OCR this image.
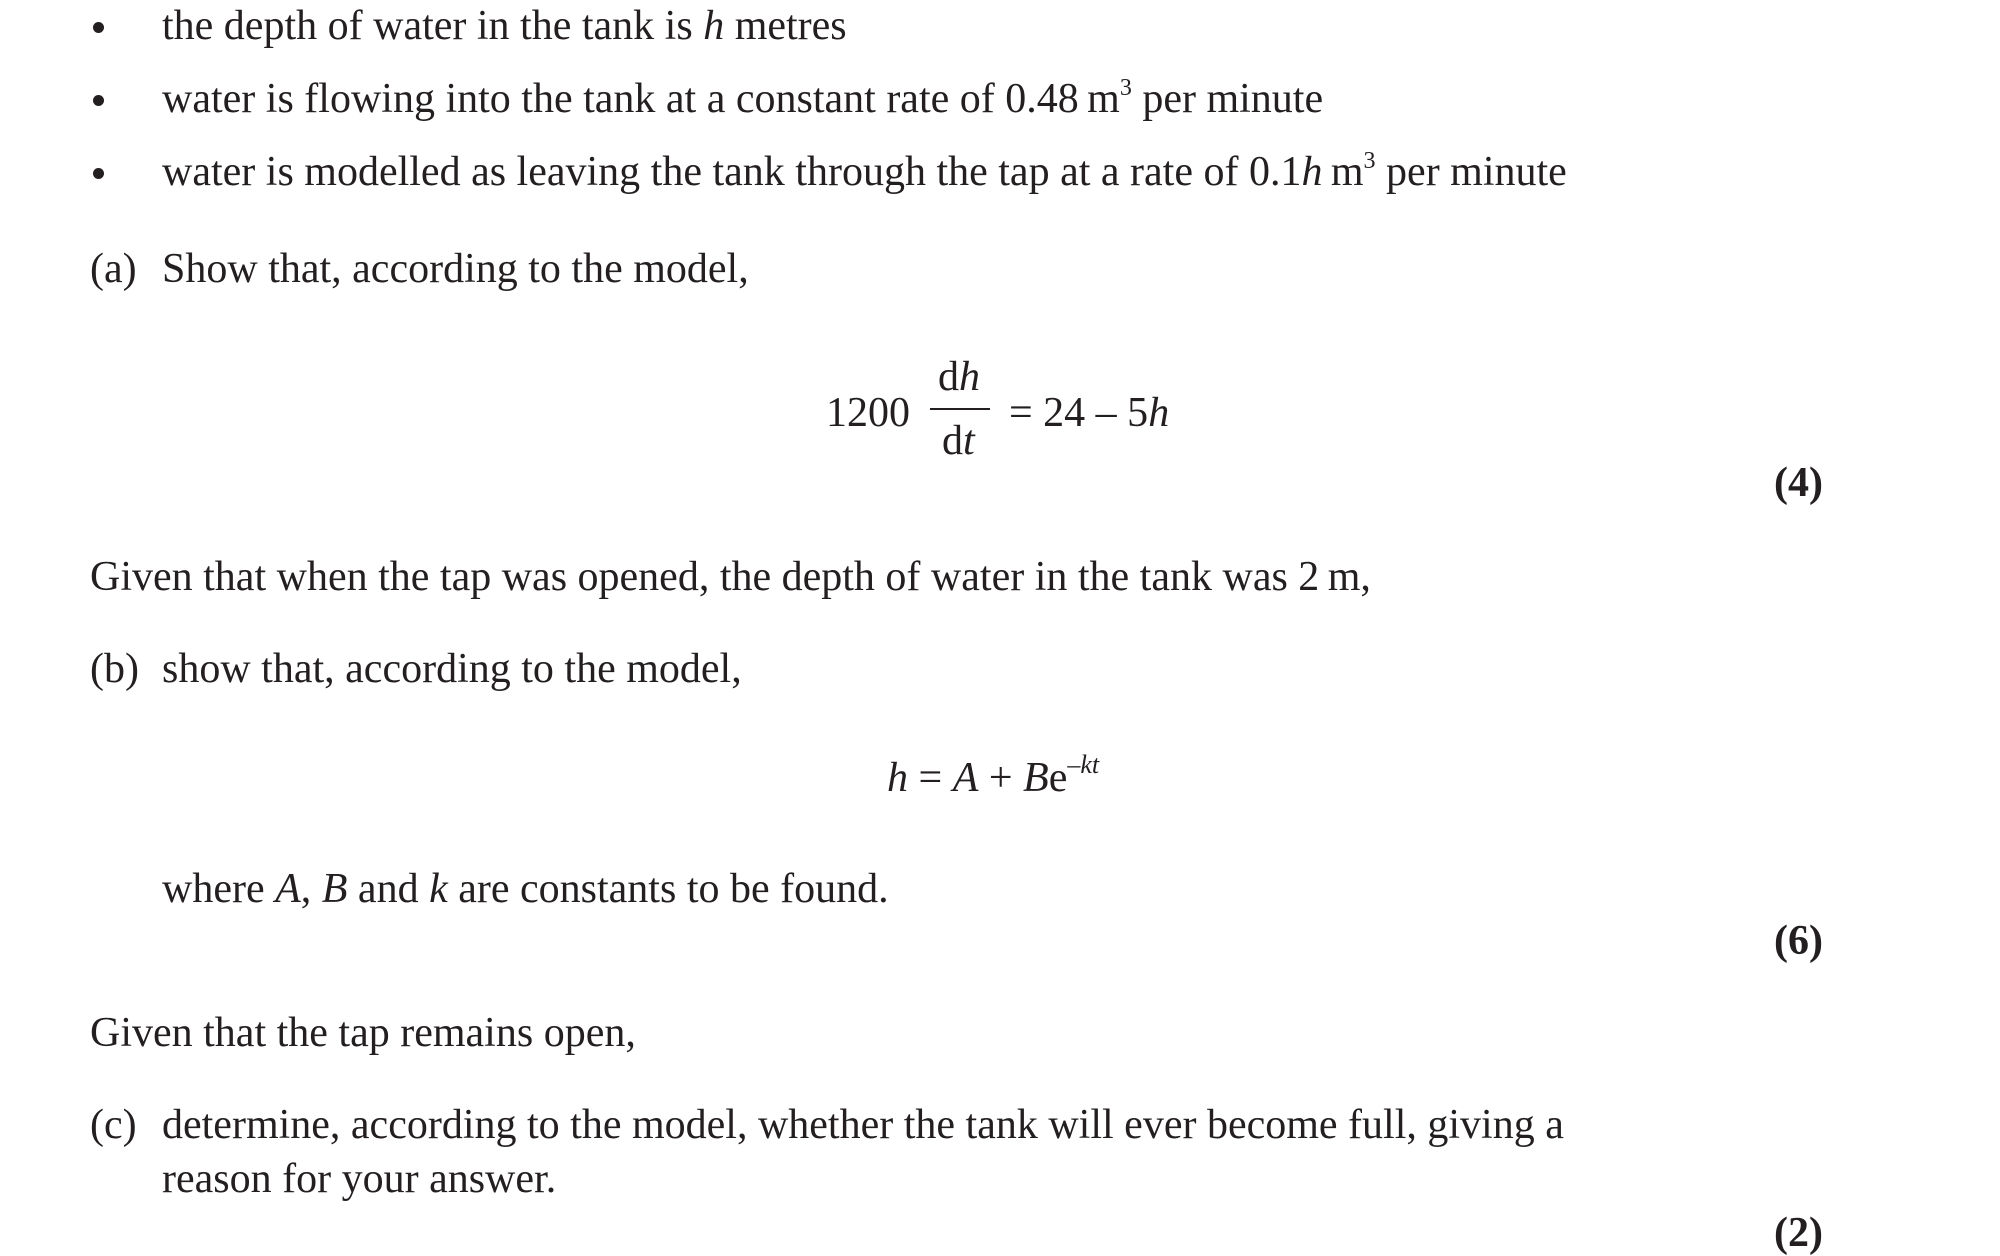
the depth of water in the tank is h metres
water is flowing into the tank at a constant rate of 0.48 $m^3$ per minute
water is modelled as leaving the tank through the tap at a rate of 0.1h $m^3$ per minute
(a) Show that, according to the model,
1200
dh
dt
= 24 – 5h
(4)
Given that when the tap was opened, the depth of water in the tank was 2 m,
(b) show that, according to the model,
$h = A + Be^{-kt}$
where A, B and k are constants to be found.
(6)
Given that the tap remains open,
(c) determine, according to the model, whether the tank will ever become full, giving a
reason for your answer.
(2)
